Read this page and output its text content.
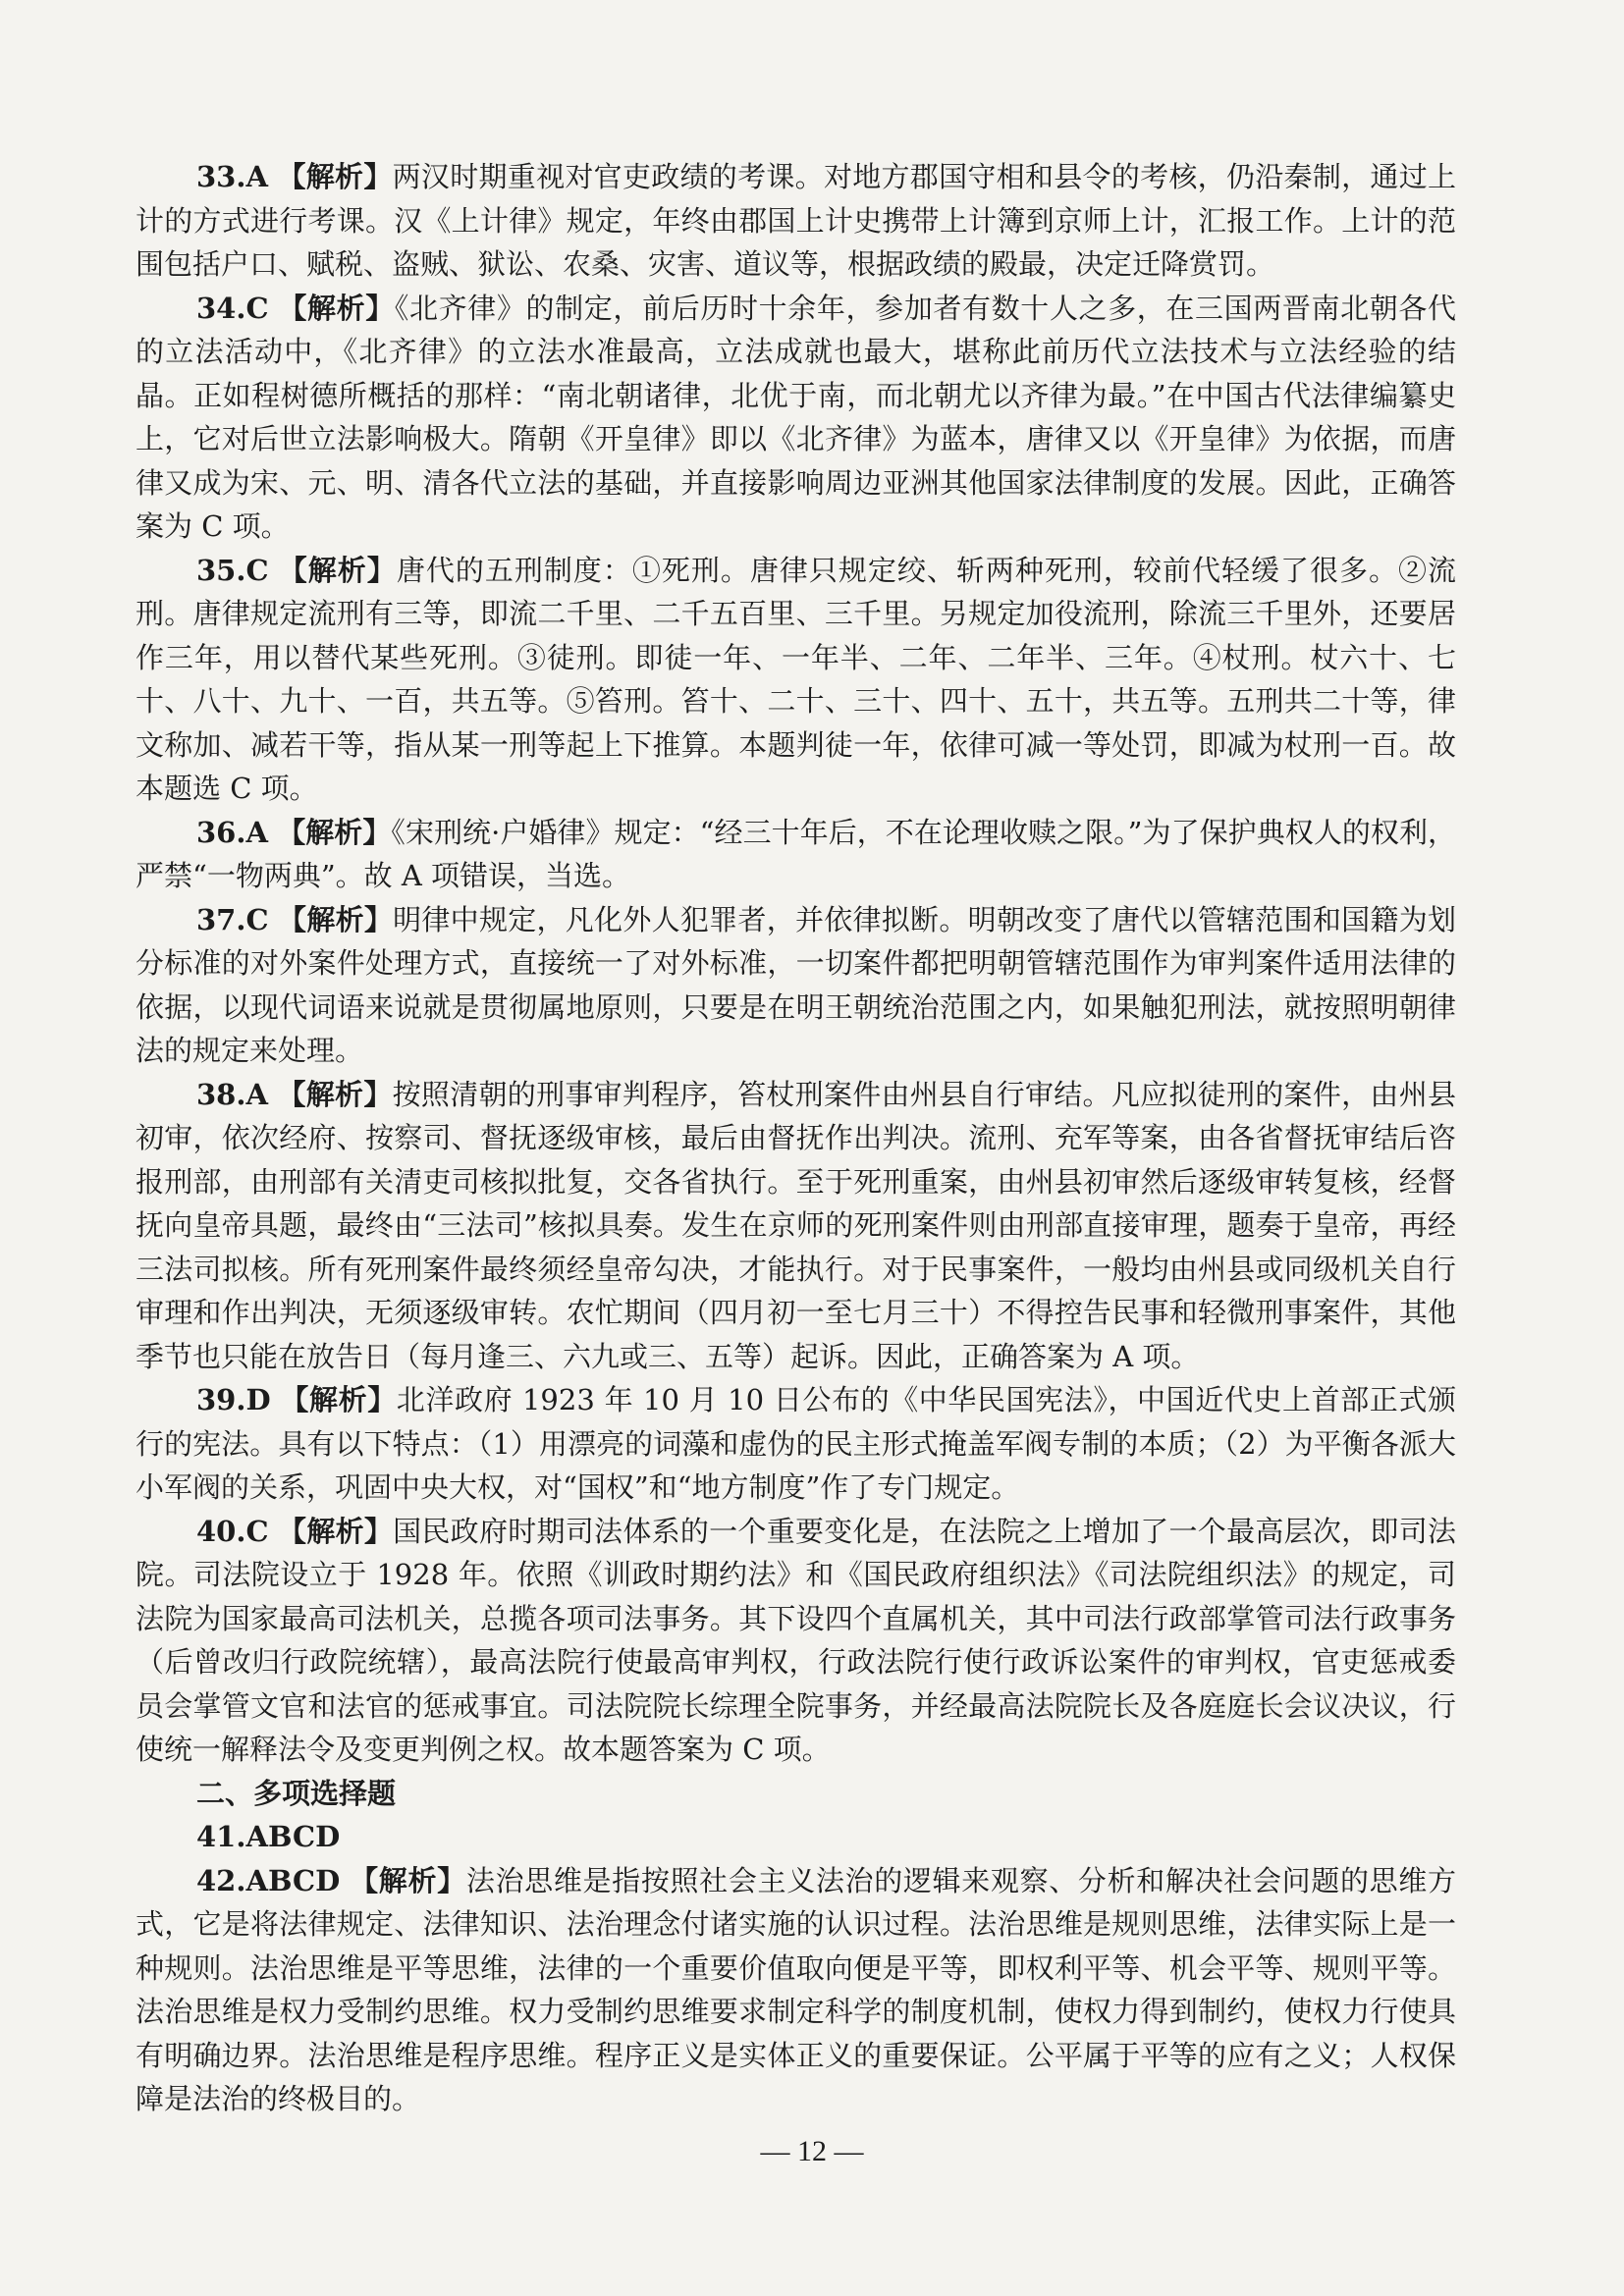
33.A 【解析】两汉时期重视对官吏政绩的考课。对地方郡国守相和县令的考核，仍沿秦制，通过上计的方式进行考课。汉《上计律》规定，年终由郡国上计史携带上计簿到京师上计，汇报工作。上计的范围包括户口、赋税、盗贼、狱讼、农桑、灾害、道议等，根据政绩的殿最，决定迁降赏罚。

34.C 【解析】《北齐律》的制定，前后历时十余年，参加者有数十人之多，在三国两晋南北朝各代的立法活动中，《北齐律》的立法水准最高，立法成就也最大，堪称此前历代立法技术与立法经验的结晶。正如程树德所概括的那样：“南北朝诸律，北优于南，而北朝尤以齐律为最。”在中国古代法律编纂史上，它对后世立法影响极大。隋朝《开皇律》即以《北齐律》为蓝本，唐律又以《开皇律》为依据，而唐律又成为宋、元、明、清各代立法的基础，并直接影响周边亚洲其他国家法律制度的发展。因此，正确答案为 C 项。

35.C 【解析】唐代的五刑制度：①死刑。唐律只规定绞、斩两种死刑，较前代轻缓了很多。②流刑。唐律规定流刑有三等，即流二千里、二千五百里、三千里。另规定加役流刑，除流三千里外，还要居作三年，用以替代某些死刑。③徒刑。即徒一年、一年半、二年、二年半、三年。④杖刑。杖六十、七十、八十、九十、一百，共五等。⑤笞刑。笞十、二十、三十、四十、五十，共五等。五刑共二十等，律文称加、减若干等，指从某一刑等起上下推算。本题判徒一年，依律可减一等处罚，即减为杖刑一百。故本题选 C 项。

36.A 【解析】《宋刑统·户婚律》规定：“经三十年后，不在论理收赎之限。”为了保护典权人的权利，严禁“一物两典”。故 A 项错误，当选。

37.C 【解析】明律中规定，凡化外人犯罪者，并依律拟断。明朝改变了唐代以管辖范围和国籍为划分标准的对外案件处理方式，直接统一了对外标准，一切案件都把明朝管辖范围作为审判案件适用法律的依据，以现代词语来说就是贯彻属地原则，只要是在明王朝统治范围之内，如果触犯刑法，就按照明朝律法的规定来处理。

38.A 【解析】按照清朝的刑事审判程序，笞杖刑案件由州县自行审结。凡应拟徒刑的案件，由州县初审，依次经府、按察司、督抚逐级审核，最后由督抚作出判决。流刑、充军等案，由各省督抚审结后咨报刑部，由刑部有关清吏司核拟批复，交各省执行。至于死刑重案，由州县初审然后逐级审转复核，经督抚向皇帝具题，最终由“三法司”核拟具奏。发生在京师的死刑案件则由刑部直接审理，题奏于皇帝，再经三法司拟核。所有死刑案件最终须经皇帝勾决，才能执行。对于民事案件，一般均由州县或同级机关自行审理和作出判决，无须逐级审转。农忙期间（四月初一至七月三十）不得控告民事和轻微刑事案件，其他季节也只能在放告日（每月逢三、六九或三、五等）起诉。因此，正确答案为 A 项。

39.D 【解析】北洋政府 1923 年 10 月 10 日公布的《中华民国宪法》，中国近代史上首部正式颁行的宪法。具有以下特点：（1）用漂亮的词藻和虚伪的民主形式掩盖军阀专制的本质；（2）为平衡各派大小军阀的关系，巩固中央大权，对“国权”和“地方制度”作了专门规定。

40.C 【解析】国民政府时期司法体系的一个重要变化是，在法院之上增加了一个最高层次，即司法院。司法院设立于 1928 年。依照《训政时期约法》和《国民政府组织法》《司法院组织法》的规定，司法院为国家最高司法机关，总揽各项司法事务。其下设四个直属机关，其中司法行政部掌管司法行政事务（后曾改归行政院统辖），最高法院行使最高审判权，行政法院行使行政诉讼案件的审判权，官吏惩戒委员会掌管文官和法官的惩戒事宜。司法院院长综理全院事务，并经最高法院院长及各庭庭长会议决议，行使统一解释法令及变更判例之权。故本题答案为 C 项。

二、多项选择题

41.ABCD

42.ABCD 【解析】法治思维是指按照社会主义法治的逻辑来观察、分析和解决社会问题的思维方式，它是将法律规定、法律知识、法治理念付诸实施的认识过程。法治思维是规则思维，法律实际上是一种规则。法治思维是平等思维，法律的一个重要价值取向便是平等，即权利平等、机会平等、规则平等。法治思维是权力受制约思维。权力受制约思维要求制定科学的制度机制，使权力得到制约，使权力行使具有明确边界。法治思维是程序思维。程序正义是实体正义的重要保证。公平属于平等的应有之义；人权保障是法治的终极目的。

— 12 —
